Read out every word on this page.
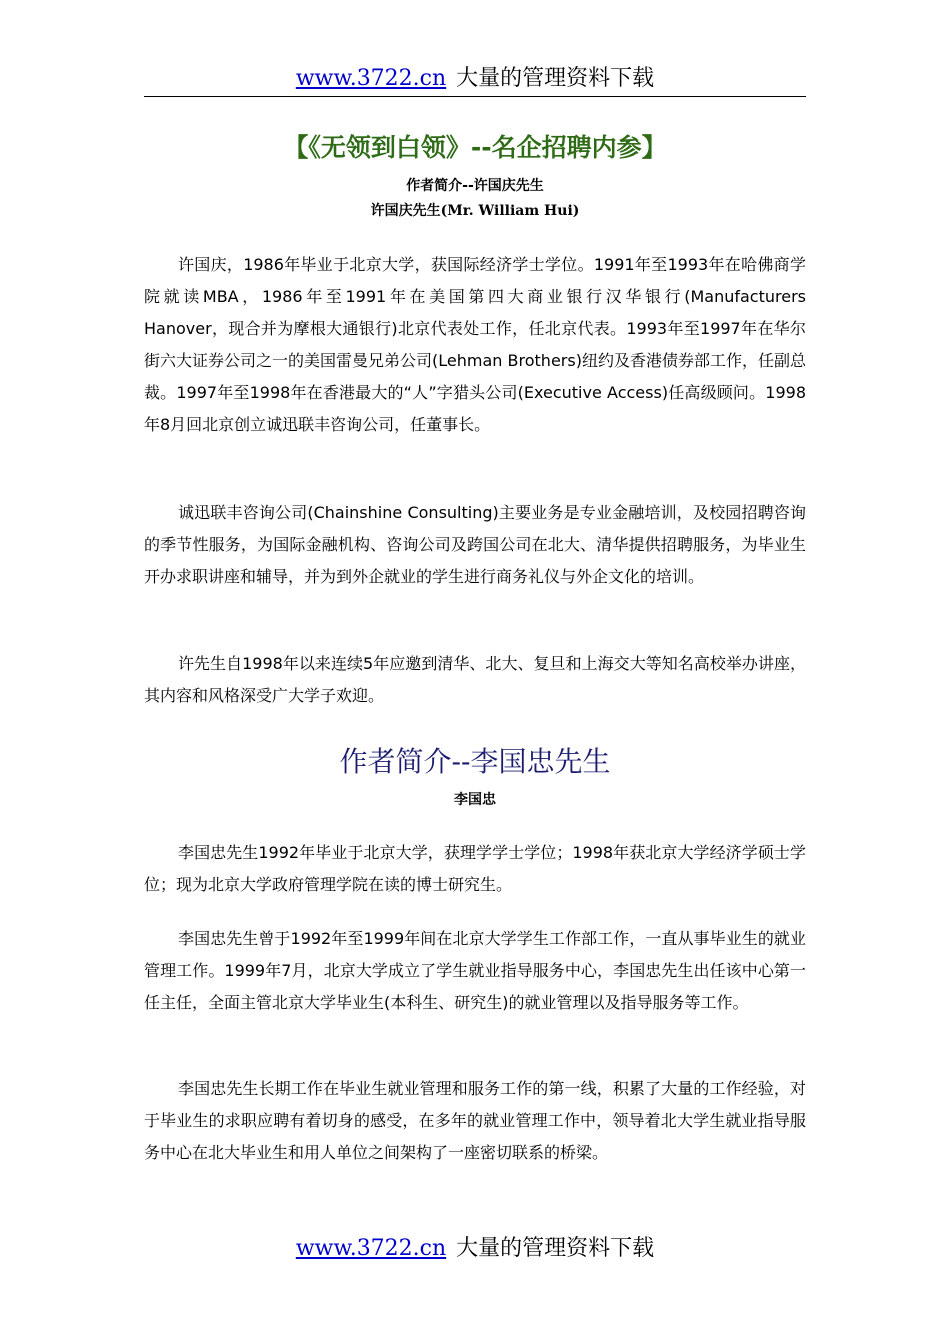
www.3722.cn 大量的管理资料下载
【《无领到白领》--名企招聘内参】
作者简介--许国庆先生
许国庆先生(Mr. William Hui)

许国庆，1986年毕业于北京大学，获国际经济学士学位。1991年至1993年在哈佛商学院就读MBA，1986年至1991年在美国第四大商业银行汉华银行(Manufacturers Hanover，现合并为摩根大通银行)北京代表处工作，任北京代表。1993年至1997年在华尔街六大证券公司之一的美国雷曼兄弟公司(Lehman Brothers)纽约及香港债券部工作，任副总裁。1997年至1998年在香港最大的“人”字猎头公司(Executive Access)任高级顾问。1998年8月回北京创立诚迅联丰咨询公司，任董事长。

诚迅联丰咨询公司(Chainshine Consulting)主要业务是专业金融培训，及校园招聘咨询的季节性服务，为国际金融机构、咨询公司及跨国公司在北大、清华提供招聘服务，为毕业生开办求职讲座和辅导，并为到外企就业的学生进行商务礼仪与外企文化的培训。

许先生自1998年以来连续5年应邀到清华、北大、复旦和上海交大等知名高校举办讲座，其内容和风格深受广大学子欢迎。

作者简介--李国忠先生
李国忠

李国忠先生1992年毕业于北京大学，获理学学士学位；1998年获北京大学经济学硕士学位；现为北京大学政府管理学院在读的博士研究生。

李国忠先生曾于1992年至1999年间在北京大学学生工作部工作，一直从事毕业生的就业管理工作。1999年7月，北京大学成立了学生就业指导服务中心，李国忠先生出任该中心第一任主任，全面主管北京大学毕业生(本科生、研究生)的就业管理以及指导服务等工作。

李国忠先生长期工作在毕业生就业管理和服务工作的第一线，积累了大量的工作经验，对于毕业生的求职应聘有着切身的感受，在多年的就业管理工作中，领导着北大学生就业指导服务中心在北大毕业生和用人单位之间架构了一座密切联系的桥梁。

www.3722.cn 大量的管理资料下载
